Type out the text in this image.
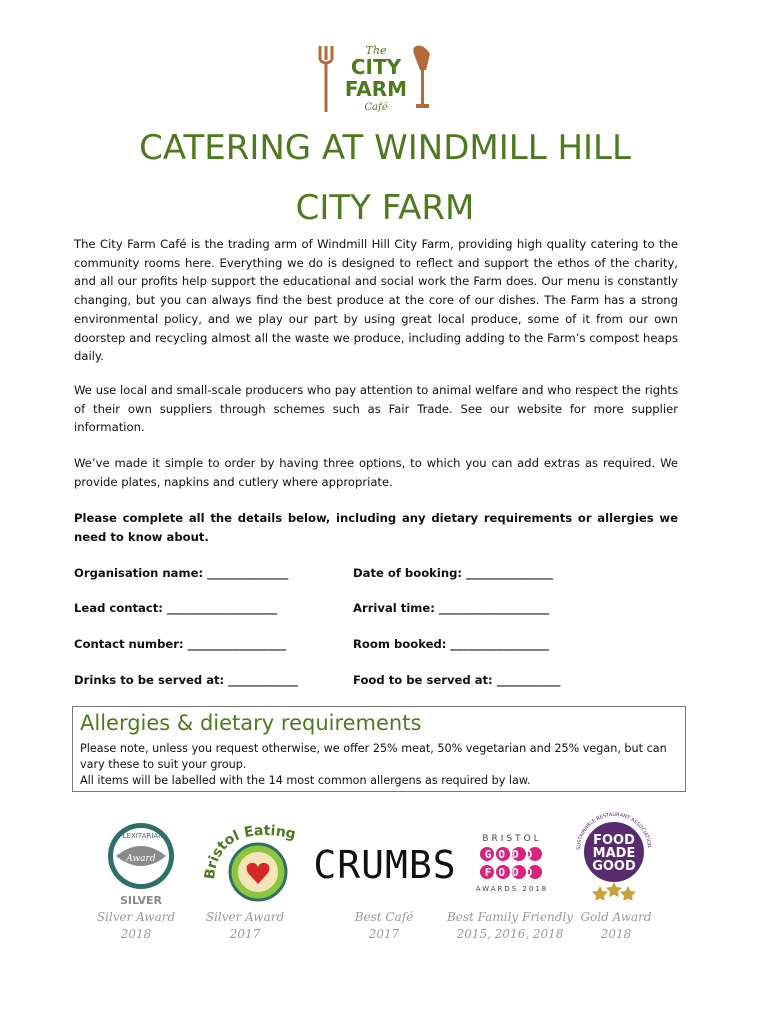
The
CITY
FARM
Café
CATERING AT WINDMILL HILL
CITY FARM

The City Farm Café is the trading arm of Windmill Hill City Farm, providing high quality catering to the community rooms here. Everything we do is designed to reflect and support the ethos of the charity, and all our profits help support the educational and social work the Farm does. Our menu is constantly changing, but you can always find the best produce at the core of our dishes. The Farm has a strong environmental policy, and we play our part by using great local produce, some of it from our own doorstep and recycling almost all the waste we produce, including adding to the Farm’s compost heaps daily.

We use local and small-scale producers who pay attention to animal welfare and who respect the rights of their own suppliers through schemes such as Fair Trade. See our website for more supplier information.

We’ve made it simple to order by having three options, to which you can add extras as required. We provide plates, napkins and cutlery where appropriate.

Please complete all the details below, including any dietary requirements or allergies we need to know about.

Organisation name: ______________	Date of booking: _______________
Lead contact: ___________________	Arrival time: ___________________
Contact number: _________________	Room booked: _________________
Drinks to be served at: ____________	Food to be served at: ___________
Allergies & dietary requirements
Please note, unless you request otherwise, we offer 25% meat, 50% vegetarian and 25% vegan, but can
vary these to suit your group.
All items will be labelled with the 14 most common allergens as required by law.
FLEXITARIAN
Award
SILVER
Bristol Eating
CRUMBS
BRISTOL
GOOD
FOOD
AWARDS 2018
SUSTAINABLE RESTAURANT ASSOCIATION
FOOD
MADE
GOOD
Silver Award
2018
Silver Award
2017
Best Café
2017
Best Family Friendly
2015, 2016, 2018
Gold Award
2018
